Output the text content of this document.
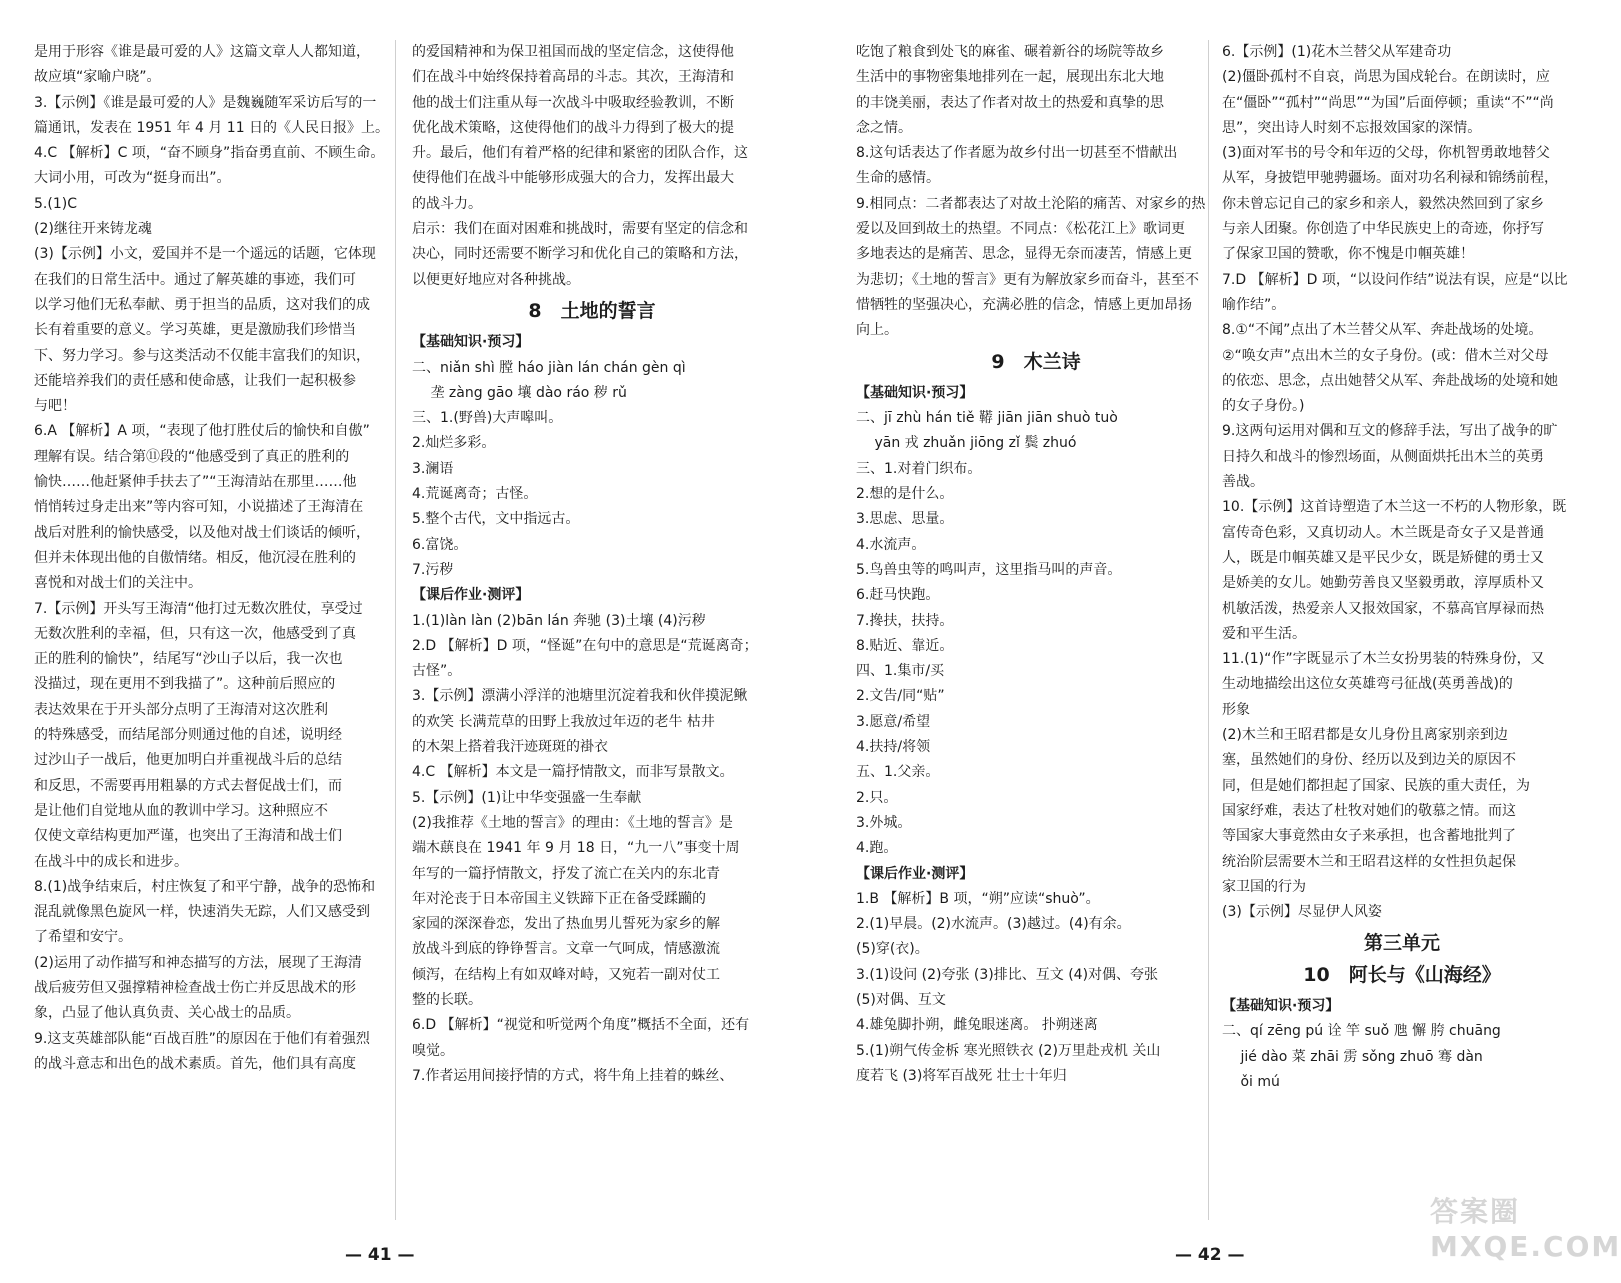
是用于形容《谁是最可爱的人》这篇文章人人都知道，

故应填“家喻户晓”。

3.【示例】《谁是最可爱的人》是魏巍随军采访后写的一

篇通讯，发表在 1951 年 4 月 11 日的《人民日报》上。

4.C 【解析】C 项，“奋不顾身”指奋勇直前、不顾生命。

大词小用，可改为“挺身而出”。

5.(1)C

(2)继往开来铸龙魂

(3)【示例】小文，爱国并不是一个遥远的话题，它体现

在我们的日常生活中。通过了解英雄的事迹，我们可

以学习他们无私奉献、勇于担当的品质，这对我们的成

长有着重要的意义。学习英雄，更是激励我们珍惜当

下、努力学习。参与这类活动不仅能丰富我们的知识，

还能培养我们的责任感和使命感，让我们一起积极参

与吧！

6.A 【解析】A 项，“表现了他打胜仗后的愉快和自傲”

理解有误。结合第⑪段的“他感受到了真正的胜利的

愉快……他赶紧伸手扶去了”“王海清站在那里……他

悄悄转过身走出来”等内容可知，小说描述了王海清在

战后对胜利的愉快感受，以及他对战士们谈话的倾听，

但并未体现出他的自傲情绪。相反，他沉浸在胜利的

喜悦和对战士们的关注中。

7.【示例】开头写王海清“他打过无数次胜仗，享受过

无数次胜利的幸福，但，只有这一次，他感受到了真

正的胜利的愉快”，结尾写“沙山子以后，我一次也

没描过，现在更用不到我描了”。这种前后照应的

表达效果在于开头部分点明了王海清对这次胜利

的特殊感受，而结尾部分则通过他的自述，说明经

过沙山子一战后，他更加明白并重视战斗后的总结

和反思，不需要再用粗暴的方式去督促战士们，而

是让他们自觉地从血的教训中学习。这种照应不

仅使文章结构更加严谨，也突出了王海清和战士们

在战斗中的成长和进步。

8.(1)战争结束后，村庄恢复了和平宁静，战争的恐怖和

混乱就像黑色旋风一样，快速消失无踪，人们又感受到

了希望和安宁。

(2)运用了动作描写和神态描写的方法，展现了王海清

战后疲劳但又强撑精神检查战士伤亡并反思战术的形

象，凸显了他认真负责、关心战士的品质。

9.这支英雄部队能“百战百胜”的原因在于他们有着强烈

的战斗意志和出色的战术素质。首先，他们具有高度

的爱国精神和为保卫祖国而战的坚定信念，这使得他

们在战斗中始终保持着高昂的斗志。其次，王海清和

他的战士们注重从每一次战斗中吸取经验教训，不断

优化战术策略，这使得他们的战斗力得到了极大的提

升。最后，他们有着严格的纪律和紧密的团队合作，这

使得他们在战斗中能够形成强大的合力，发挥出最大

的战斗力。

启示：我们在面对困难和挑战时，需要有坚定的信念和

决心，同时还需要不断学习和优化自己的策略和方法，

以便更好地应对各种挑战。

8　土地的誓言

【基础知识·预习】

二、niǎn shì 膛 háo jiàn lán chán gèn qì

　 垄 zàng gāo 壤 dào ráo 秽 rǔ

三、1.(野兽)大声嗥叫。

2.灿烂多彩。

3.澜语

4.荒诞离奇；古怪。

5.整个古代，文中指远古。

6.富饶。

7.污秽

【课后作业·测评】

1.(1)làn làn (2)bān lán 奔驰 (3)土壤 (4)污秽

2.D 【解析】D 项，“怪诞”在句中的意思是“荒诞离奇；

古怪”。

3.【示例】漂满小浮洋的池塘里沉淀着我和伙伴摸泥鳅

的欢笑 长满荒草的田野上我放过年迈的老牛 枯井

的木架上搭着我汗迹斑斑的褂衣

4.C 【解析】本文是一篇抒情散文，而非写景散文。

5.【示例】(1)让中华变强盛一生奉献

(2)我推荐《土地的誓言》的理由：《土地的誓言》是

端木蕻良在 1941 年 9 月 18 日，“九一八”事变十周

年写的一篇抒情散文，抒发了流亡在关内的东北青

年对沦丧于日本帝国主义铁蹄下正在备受蹂躏的

家园的深深眷恋，发出了热血男儿誓死为家乡的解

放战斗到底的铮铮誓言。文章一气呵成，情感激流

倾泻，在结构上有如双峰对峙，又宛若一副对仗工

整的长联。

6.D 【解析】“视觉和听觉两个角度”概括不全面，还有

嗅觉。

7.作者运用间接抒情的方式，将牛角上挂着的蛛丝、

吃饱了粮食到处飞的麻雀、碾着新谷的场院等故乡

生活中的事物密集地排列在一起，展现出东北大地

的丰饶美丽，表达了作者对故土的热爱和真挚的思

念之情。

8.这句话表达了作者愿为故乡付出一切甚至不惜献出

生命的感情。

9.相同点：二者都表达了对故土沦陷的痛苦、对家乡的热

爱以及回到故土的热望。不同点：《松花江上》歌词更

多地表达的是痛苦、思念，显得无奈而凄苦，情感上更

为悲切；《土地的誓言》更有为解放家乡而奋斗，甚至不

惜牺牲的坚强决心，充满必胜的信念，情感上更加昂扬

向上。

9　木兰诗

【基础知识·预习】

二、jī zhù hán tiě 鞯 jiān jiān shuò tuò

　 yān 戎 zhuǎn jiōng zǐ 鬓 zhuó

三、1.对着门织布。

2.想的是什么。

3.思虑、思量。

4.水流声。

5.鸟兽虫等的鸣叫声，这里指马叫的声音。

6.赶马快跑。

7.搀扶，扶持。

8.贴近、靠近。

四、1.集市/买

2.文告/同“贴”

3.愿意/希望

4.扶持/将领

五、1.父亲。

2.只。

3.外城。

4.跑。

【课后作业·测评】

1.B 【解析】B 项，“朔”应读“shuò”。

2.(1)早晨。(2)水流声。(3)越过。(4)有余。

(5)穿(衣)。

3.(1)设问 (2)夸张 (3)排比、互文 (4)对偶、夸张

(5)对偶、互文

4.雄兔脚扑朔，雌兔眼迷离。 扑朔迷离

5.(1)朔气传金柝 寒光照铁衣 (2)万里赴戎机 关山

度若飞 (3)将军百战死 壮士十年归

6.【示例】(1)花木兰替父从军建奇功

(2)僵卧孤村不自哀，尚思为国戍轮台。在朗读时，应

在“僵卧”“孤村”“尚思”“为国”后面停顿；重读“不”“尚

思”，突出诗人时刻不忘报效国家的深情。

(3)面对军书的号令和年迈的父母，你机智勇敢地替父

从军，身披铠甲驰骋疆场。面对功名利禄和锦绣前程，

你未曾忘记自己的家乡和亲人，毅然决然回到了家乡

与亲人团聚。你创造了中华民族史上的奇迹，你抒写

了保家卫国的赞歌，你不愧是巾帼英雄！

7.D 【解析】D 项，“以设问作结”说法有误，应是“以比

喻作结”。

8.①“不闻”点出了木兰替父从军、奔赴战场的处境。

②“唤女声”点出木兰的女子身份。(或：借木兰对父母

的依恋、思念，点出她替父从军、奔赴战场的处境和她

的女子身份。)

9.这两句运用对偶和互文的修辞手法，写出了战争的旷

日持久和战斗的惨烈场面，从侧面烘托出木兰的英勇

善战。

10.【示例】这首诗塑造了木兰这一不朽的人物形象，既

富传奇色彩，又真切动人。木兰既是奇女子又是普通

人，既是巾帼英雄又是平民少女，既是矫健的勇士又

是娇美的女儿。她勤劳善良又坚毅勇敢，淳厚质朴又

机敏活泼，热爱亲人又报效国家，不慕高官厚禄而热

爱和平生活。

11.(1)“作”字既显示了木兰女扮男装的特殊身份，又

生动地描绘出这位女英雄弯弓征战(英勇善战)的

形象

(2)木兰和王昭君都是女儿身份且离家别亲到边

塞，虽然她们的身份、经历以及到边关的原因不

同，但是她们都担起了国家、民族的重大责任，为

国家纾难，表达了杜牧对她们的敬慕之情。而这

等国家大事竟然由女子来承担，也含蓄地批判了

统治阶层需要木兰和王昭君这样的女性担负起保

家卫国的行为

(3)【示例】尽显伊人风姿

第三单元

10　阿长与《山海经》

【基础知识·预习】

二、qí zēng pú 诠 竿 suǒ 虺 懈 胯 chuāng

　 jié dào 菜 zhāi 雳 sǒng zhuō 骞 dàn

　 ǒi mú

— 41 —	— 42 —
答案圈 MXQE.COM
